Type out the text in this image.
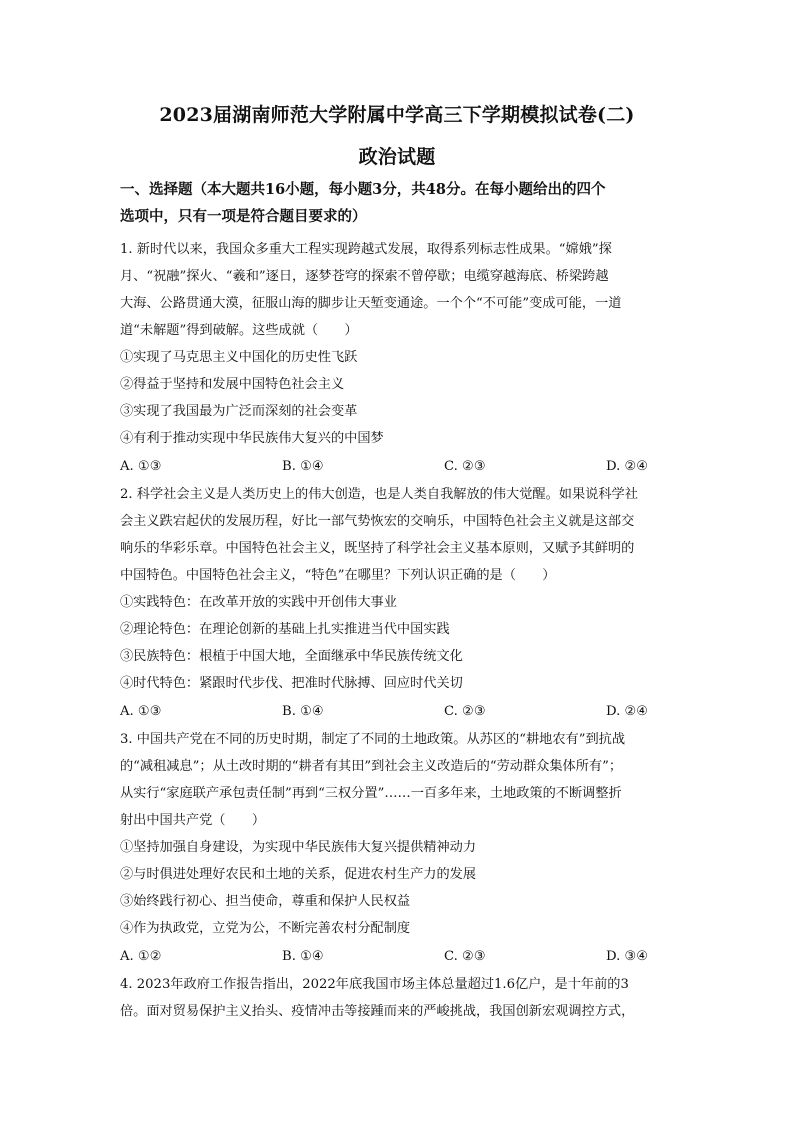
2023届湖南师范大学附属中学高三下学期模拟试卷(二)
政治试题

一、选择题（本大题共16小题，每小题3分，共48分。在每小题给出的四个

选项中，只有一项是符合题目要求的）

1. 新时代以来，我国众多重大工程实现跨越式发展，取得系列标志性成果。“嫦娥”探

月、“祝融”探火、“羲和”逐日，逐梦苍穹的探索不曾停歇；电缆穿越海底、桥梁跨越

大海、公路贯通大漠，征服山海的脚步让天堑变通途。一个个“不可能”变成可能，一道

道“未解题”得到破解。这些成就（　　）

①实现了马克思主义中国化的历史性飞跃

②得益于坚持和发展中国特色社会主义

③实现了我国最为广泛而深刻的社会变革

④有利于推动实现中华民族伟大复兴的中国梦

A. ①③	B. ①④	C. ②③	D. ②④

2. 科学社会主义是人类历史上的伟大创造，也是人类自我解放的伟大觉醒。如果说科学社

会主义跌宕起伏的发展历程，好比一部气势恢宏的交响乐，中国特色社会主义就是这部交

响乐的华彩乐章。中国特色社会主义，既坚持了科学社会主义基本原则，又赋予其鲜明的

中国特色。中国特色社会主义，“特色”在哪里？下列认识正确的是（　　）

①实践特色：在改革开放的实践中开创伟大事业

②理论特色：在理论创新的基础上扎实推进当代中国实践

③民族特色：根植于中国大地，全面继承中华民族传统文化

④时代特色：紧跟时代步伐、把准时代脉搏、回应时代关切

A. ①③	B. ①④	C. ②③	D. ②④

3. 中国共产党在不同的历史时期，制定了不同的土地政策。从苏区的“耕地农有”到抗战

的“减租减息”；从土改时期的“耕者有其田”到社会主义改造后的“劳动群众集体所有”；

从实行“家庭联产承包责任制”再到“三权分置”……一百多年来，土地政策的不断调整折

射出中国共产党（　　）

①坚持加强自身建设，为实现中华民族伟大复兴提供精神动力

②与时俱进处理好农民和土地的关系，促进农村生产力的发展

③始终践行初心、担当使命，尊重和保护人民权益

④作为执政党，立党为公，不断完善农村分配制度

A. ①②	B. ①④	C. ②③	D. ③④

4. 2023年政府工作报告指出，2022年底我国市场主体总量超过1.6亿户，是十年前的3

倍。面对贸易保护主义抬头、疫情冲击等接踵而来的严峻挑战，我国创新宏观调控方式，
